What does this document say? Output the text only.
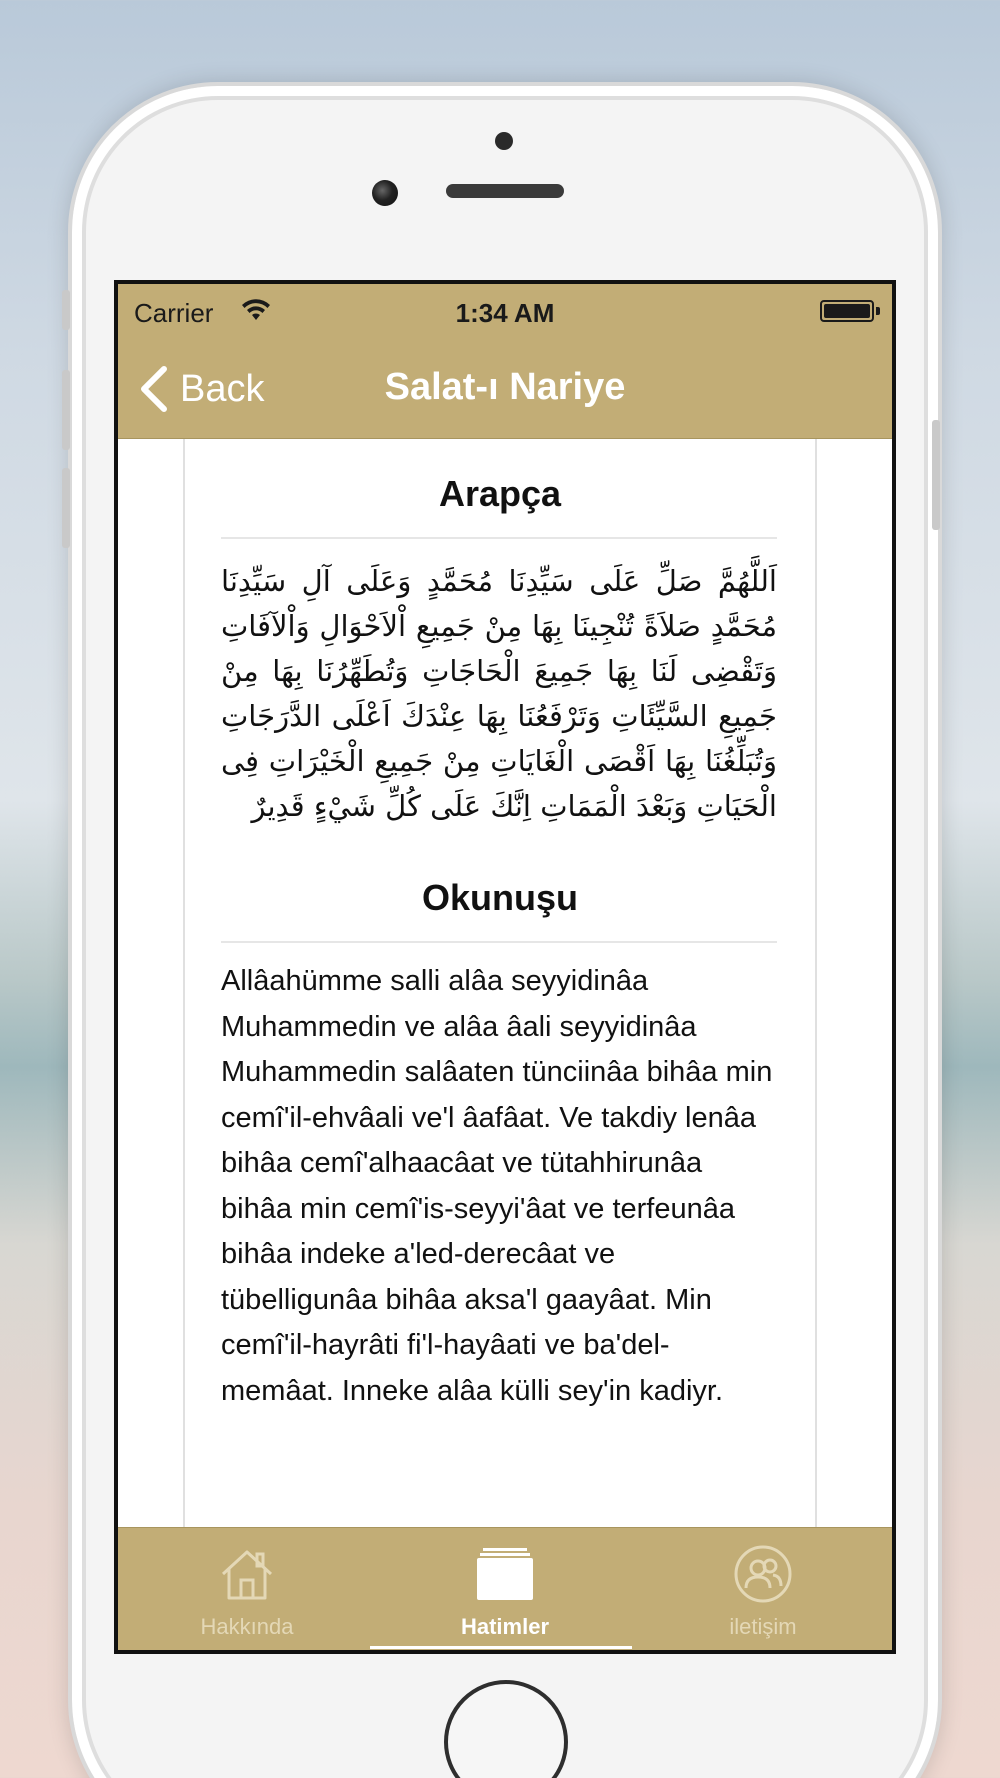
Carrier	1:34 AM
Back	Salat-ı Nariye
Arapça
اَللَّهُمَّ صَلِّ عَلَى سَيِّدِنَا مُحَمَّدٍ وَعَلَى آلِ سَيِّدِنَا مُحَمَّدٍ صَلاَةً تُنْجِينَا بِهَا مِنْ جَمِيعِ اْلاَحْوَالِ وَاْلآفَاتِ وَتَقْضِى لَنَا بِهَا جَمِيعَ الْحَاجَاتِ وَتُطَهِّرُنَا بِهَا مِنْ جَمِيعِ السَّيِّئَاتِ وَتَرْفَعُنَا بِهَا عِنْدَكَ اَعْلَى الدَّرَجَاتِ وَتُبَلِّغُنَا بِهَا اَقْصَى الْغَايَاتِ مِنْ جَمِيعِ الْخَيْرَاتِ فِى الْحَيَاتِ وَبَعْدَ الْمَمَاتِ اِنَّكَ عَلَى كُلِّ شَيْءٍ قَدِيرٌ
Okunuşu
Allâahümme salli alâa seyyidinâa Muhammedin ve alâa âali seyyidinâa Muhammedin salâaten tünciinâa bihâa min cemî'il-ehvâali ve'l âafâat. Ve takdiy lenâa bihâa cemî'alhaacâat ve tütahhirunâa bihâa min cemî'is-seyyi'âat ve terfeunâa bihâa indeke a'led-derecâat ve tübelligunâa bihâa aksa'l gaayâat. Min cemî'il-hayrâti fi'l-hayâati ve ba'del-memâat. Inneke alâa külli sey'in kadiyr.
Hakkında	Hatimler	iletişim
